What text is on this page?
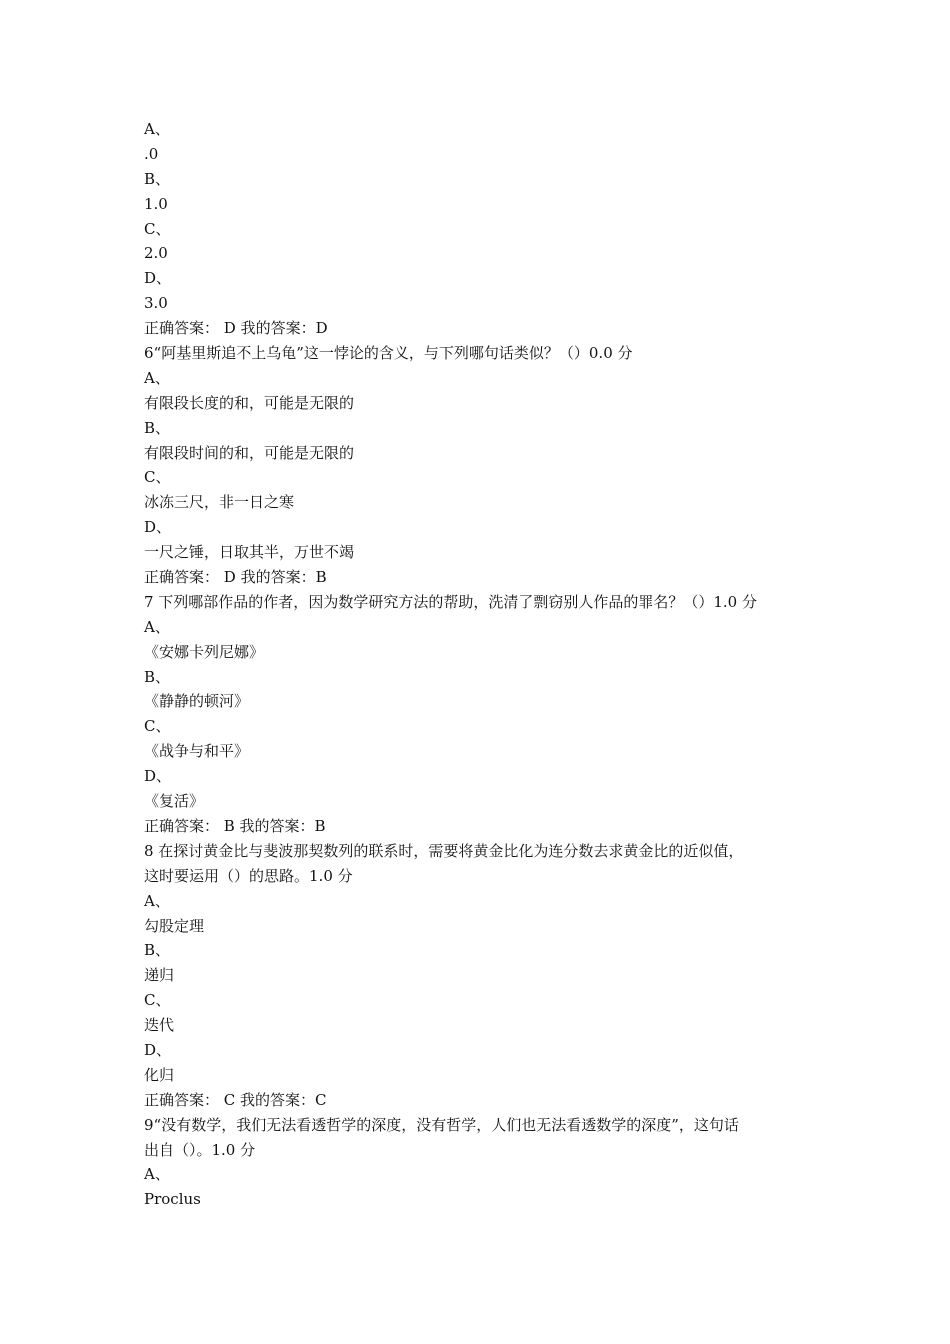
A、
.0
B、
1.0
C、
2.0
D、
3.0
正确答案： D 我的答案：D
6“阿基里斯追不上乌龟”这一悖论的含义，与下列哪句话类似？（）0.0 分
A、
有限段长度的和，可能是无限的
B、
有限段时间的和，可能是无限的
C、
冰冻三尺，非一日之寒
D、
一尺之锤，日取其半，万世不竭
正确答案： D 我的答案：B
7 下列哪部作品的作者，因为数学研究方法的帮助，洗清了剽窃别人作品的罪名？（）1.0 分
A、
《安娜卡列尼娜》
B、
《静静的顿河》
C、
《战争与和平》
D、
《复活》
正确答案： B 我的答案：B
8 在探讨黄金比与斐波那契数列的联系时，需要将黄金比化为连分数去求黄金比的近似值，
这时要运用（）的思路。1.0 分
A、
勾股定理
B、
递归
C、
迭代
D、
化归
正确答案： C 我的答案：C
9“没有数学，我们无法看透哲学的深度，没有哲学，人们也无法看透数学的深度”，这句话
出自（）。1.0 分
A、
Proclus
